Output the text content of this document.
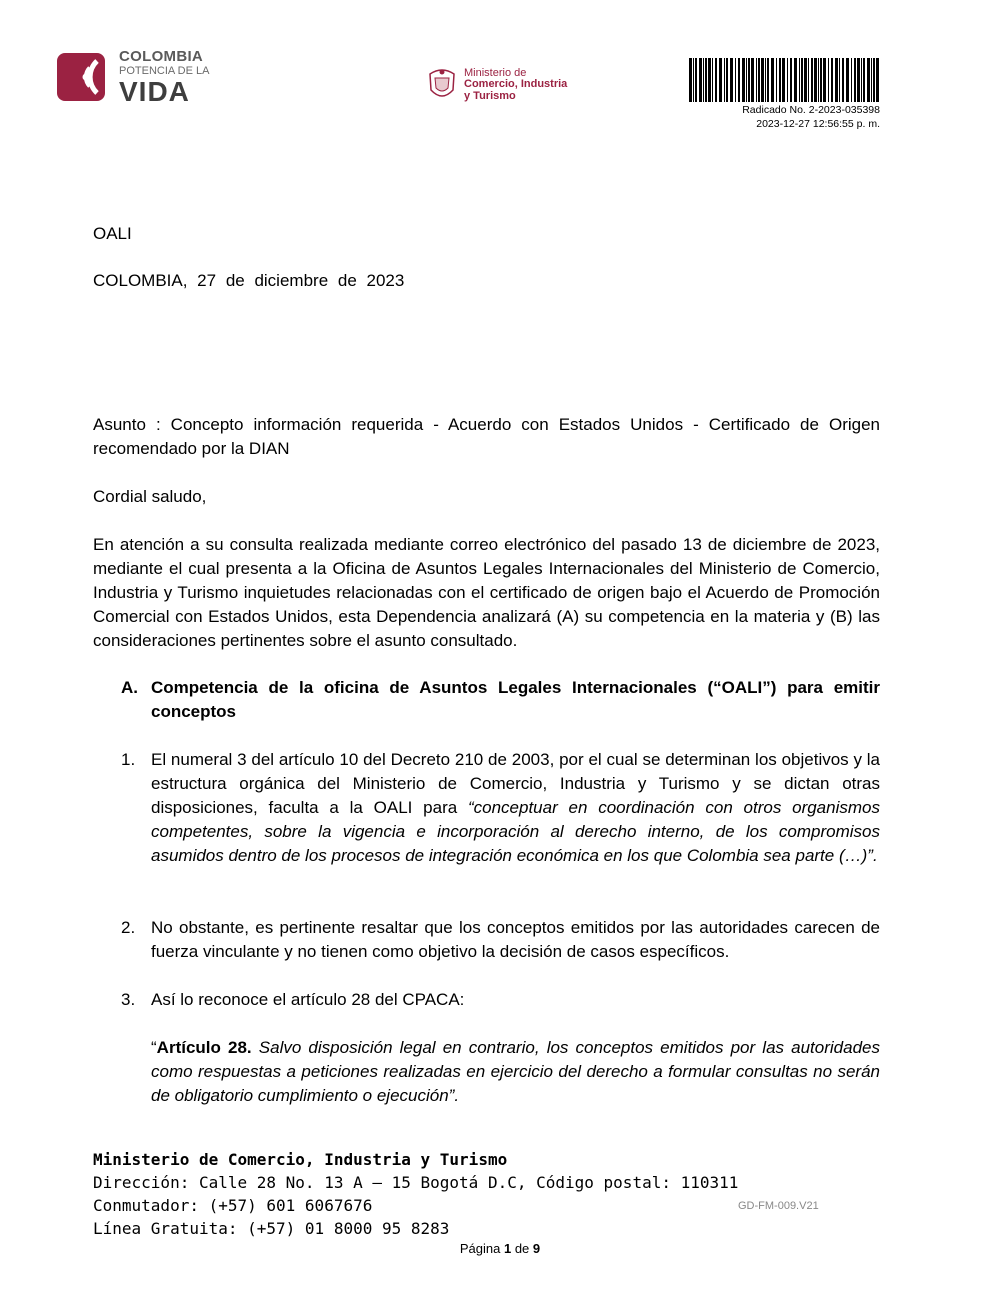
COLOMBIA
POTENCIA DE LA
VIDA
Ministerio de
Comercio, Industria
y Turismo
Radicado No. 2-2023-035398
2023-12-27 12:56:55 p. m.
OALI
COLOMBIA, 27 de diciembre de 2023
Asunto : Concepto información requerida - Acuerdo con Estados Unidos - Certificado de Origen recomendado por la DIAN
Cordial saludo,
En atención a su consulta realizada mediante correo electrónico del pasado 13 de diciembre de 2023, mediante el cual presenta a la Oficina de Asuntos Legales Internacionales del Ministerio de Comercio, Industria y Turismo inquietudes relacionadas con el certificado de origen bajo el Acuerdo de Promoción Comercial con Estados Unidos, esta Dependencia analizará (A) su competencia en la materia y (B) las consideraciones pertinentes sobre el asunto consultado.
A. Competencia de la oficina de Asuntos Legales Internacionales (“OALI”) para emitir conceptos
1. El numeral 3 del artículo 10 del Decreto 210 de 2003, por el cual se determinan los objetivos y la estructura orgánica del Ministerio de Comercio, Industria y Turismo y se dictan otras disposiciones, faculta a la OALI para “conceptuar en coordinación con otros organismos competentes, sobre la vigencia e incorporación al derecho interno, de los compromisos asumidos dentro de los procesos de integración económica en los que Colombia sea parte (…)”.
2. No obstante, es pertinente resaltar que los conceptos emitidos por las autoridades carecen de fuerza vinculante y no tienen como objetivo la decisión de casos específicos.
3. Así lo reconoce el artículo 28 del CPACA:
“Artículo 28. Salvo disposición legal en contrario, los conceptos emitidos por las autoridades como respuestas a peticiones realizadas en ejercicio del derecho a formular consultas no serán de obligatorio cumplimiento o ejecución”.
Ministerio de Comercio, Industria y Turismo
Dirección: Calle 28 No. 13 A – 15 Bogotá D.C, Código postal: 110311
Conmutador: (+57) 601 6067676
Línea Gratuita: (+57) 01 8000 95 8283
GD-FM-009.V21
Página 1 de 9
